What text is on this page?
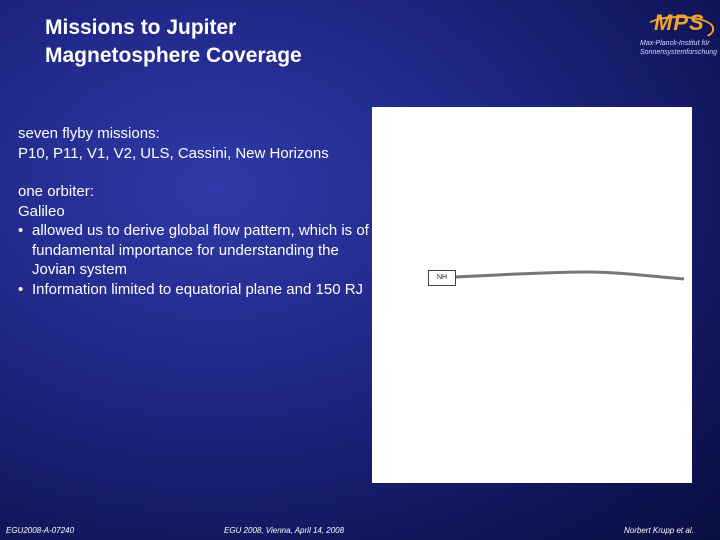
Missions to Jupiter
Magnetosphere Coverage
MPS
Max-Planck-Institut für
Sonnensystemforschung

seven flyby missions:

P10, P11, V1, V2, ULS, Cassini, New Horizons

one orbiter:

Galileo

• allowed us to derive global flow pattern, which is of fundamental importance for understanding the Jovian system
• Information limited to equatorial plane and 150 RJ
NH
EGU2008-A-07240	EGU 2008, Vienna, April 14, 2008	Norbert Krupp et al.
